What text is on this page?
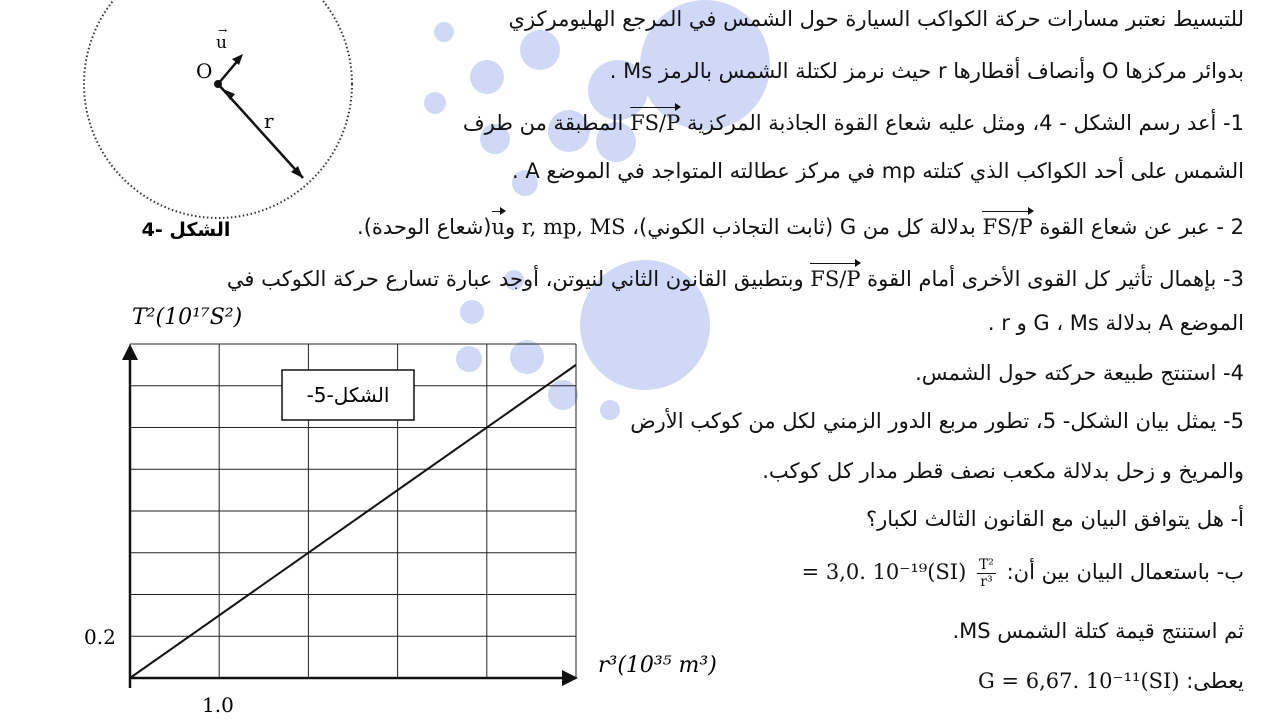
u
→
O
r
الشكل -4
T²(10¹⁷S²)
r³(10³⁵ m³)
0.2
1.0
الشكل-5-
للتبسيط نعتبر مسارات حركة الكواكب السيارة حول الشمس في المرجع الهليومركزي
بدوائر مركزها O وأنصاف أقطارها r حيث نرمز لكتلة الشمس بالرمز Ms .
1- أعد رسم الشكل - 4، ومثل عليه شعاع القوة الجاذبة المركزية FS/P المطبقة من طرف
الشمس على أحد الكواكب الذي كتلته mp في مركز عطالته المتواجد في الموضع A .
2 - عبر عن شعاع القوة FS/P بدلالة كل من G (ثابت التجاذب الكوني)، r, mp, MS وu(شعاع الوحدة).
3- بإهمال تأثير كل القوى الأخرى أمام القوة FS/P وبتطبيق القانون الثاني لنيوتن، أوجد عبارة تسارع حركة الكوكب في
الموضع A بدلالة G ، Ms و r .
4- استنتج طبيعة حركته حول الشمس.
5- يمثل بيان الشكل- 5، تطور مربع الدور الزمني لكل من كوكب الأرض
والمريخ و زحل بدلالة مكعب نصف قطر مدار كل كوكب.
أ- هل يتوافق البيان مع القانون الثالث لكبار؟
ب- باستعمال البيان بين أن:
$\frac{\text{T²}}{\text{r³}}$
= 3,0. 10⁻¹⁹(SI)
ثم استنتج قيمة كتلة الشمس MS.
يعطى: G = 6,67. 10⁻¹¹(SI)
